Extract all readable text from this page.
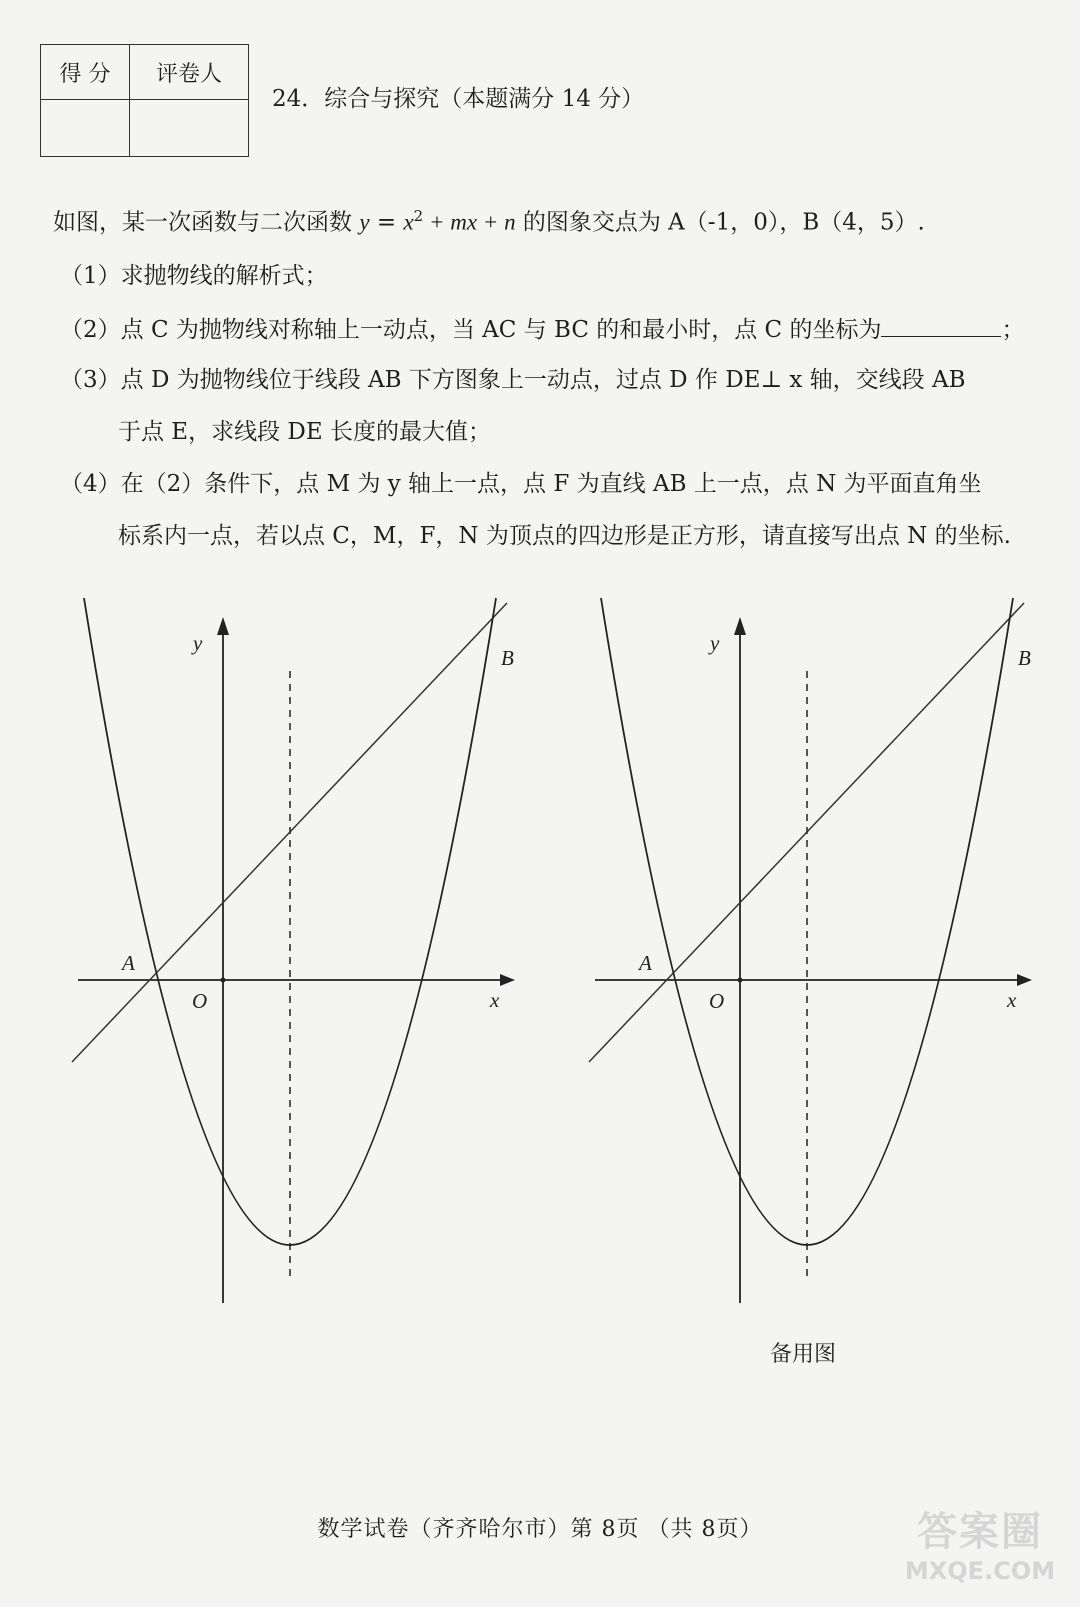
得 分	评卷人

24．综合与探究（本题满分 14 分）
如图，某一次函数与二次函数 $y = x^2$ + mx + n 的图象交点为 A（-1，0），B（4，5）.
（1）求抛物线的解析式；
（2）点 C 为抛物线对称轴上一动点，当 AC 与 BC 的和最小时，点 C 的坐标为	；
（3）点 D 为抛物线位于线段 AB 下方图象上一动点，过点 D 作 DE⊥ x 轴，交线段 AB
于点 E，求线段 DE 长度的最大值；
（4）在（2）条件下，点 M 为 y 轴上一点，点 F 为直线 AB 上一点，点 N 为平面直角坐
标系内一点，若以点 C，M，F，N 为顶点的四边形是正方形，请直接写出点 N 的坐标.
y
x
O
A
B
y
x
O
A
B
备用图
数学试卷（齐齐哈尔市）第 8页 （共 8页）	答案圈
MXQE.COM
